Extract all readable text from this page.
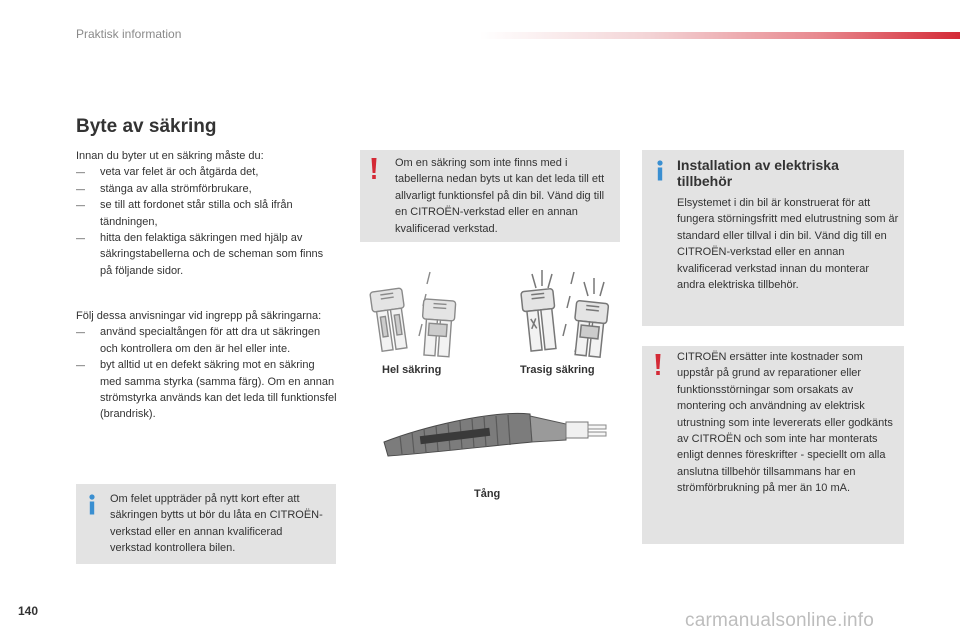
Praktisk information
Byte av säkring

Innan du byter ut en säkring måste du:

— veta var felet är och åtgärda det,
— stänga av alla strömförbrukare,
— se till att fordonet står stilla och slå ifrån tändningen,
— hitta den felaktiga säkringen med hjälp av säkringstabellerna och de scheman som finns på följande sidor.

Följ dessa anvisningar vid ingrepp på säkringarna:

— använd specialtången för att dra ut säkringen och kontrollera om den är hel eller inte.
— byt alltid ut en defekt säkring mot en säkring med samma styrka (samma färg). Om en annan strömstyrka används kan det leda till funktionsfel (brandrisk).
Om felet uppträder på nytt kort efter att säkringen bytts ut bör du låta en CITROËN-verkstad eller en annan kvalificerad verkstad kontrollera bilen.
Om en säkring som inte finns med i tabellerna nedan byts ut kan det leda till ett allvarligt funktionsfel på din bil. Vänd dig till en CITROËN-verkstad eller en annan kvalificerad verkstad.
Hel säkring	Trasig säkring
Tång
Installation av elektriska tillbehör
Elsystemet i din bil är konstruerat för att fungera störningsfritt med elutrustning som är standard eller tillval i din bil. Vänd dig till en CITROËN-verkstad eller en annan kvalificerad verkstad innan du monterar andra elektriska tillbehör.
CITROËN ersätter inte kostnader som uppstår på grund av reparationer eller funktionsstörningar som orsakats av montering och användning av elektrisk utrustning som inte levererats eller godkänts av CITROËN och som inte har monterats enligt dennes föreskrifter - speciellt om alla anslutna tillbehör tillsammans har en strömförbrukning på mer än 10 mA.
140	carmanualsonline.info
